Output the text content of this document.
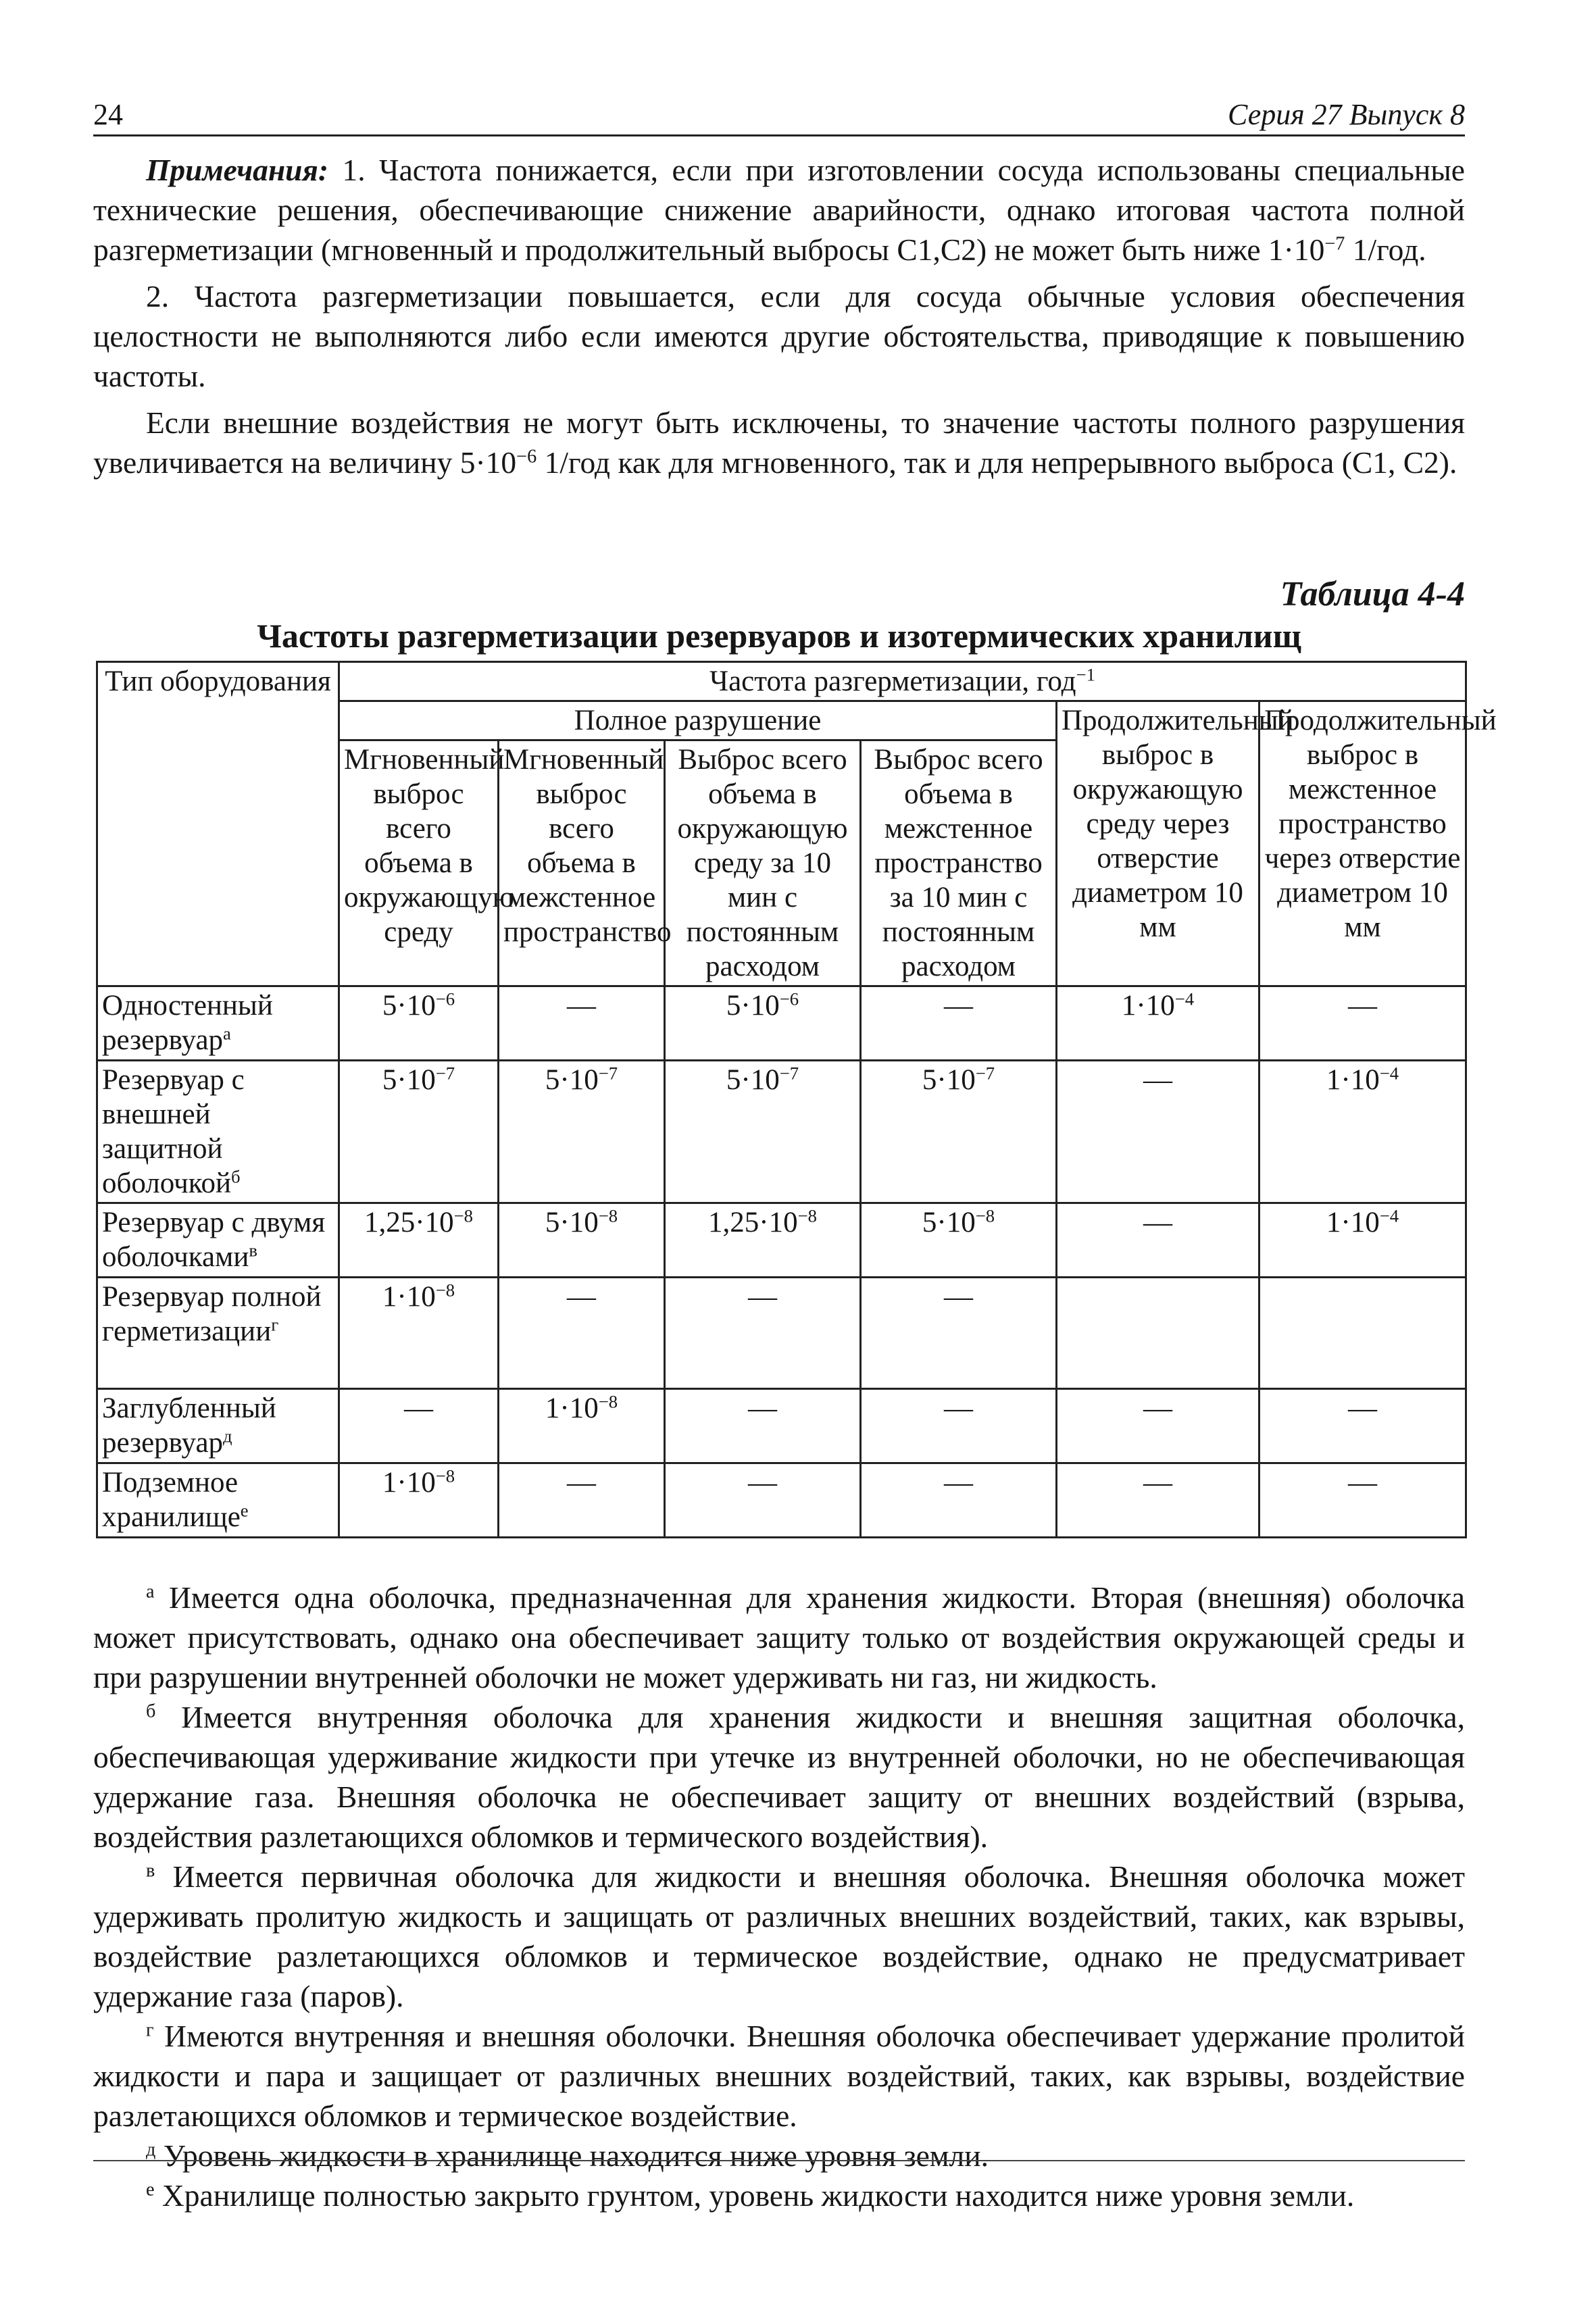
24	Серия 27 Выпуск 8

Примечания: 1. Частота понижается, если при изготовлении сосуда использованы специальные технические решения, обеспечивающие снижение аварийности, однако итоговая частота полной разгерметизации (мгновенный и продолжительный выбросы С1,С2) не может быть ниже $1\cdot 10^{-7}$ 1/год.

2. Частота разгерметизации повышается, если для сосуда обычные условия обеспечения целостности не выполняются либо если имеются другие обстоятельства, приводящие к повышению частоты.

Если внешние воздействия не могут быть исключены, то значение частоты полного разрушения увеличивается на величину $5\cdot 10^{-6}$ 1/год как для мгновенного, так и для непрерывного выброса (С1, С2).

Таблица 4-4
Частоты разгерметизации резервуаров и изотермических хранилищ
Тип оборудования	Частота разгерметизации, год$^{-1}$
	Полное разрушение				Продолжительный выброс в окружающую среду через отверстие диаметром 10 мм	Продолжительный выброс в межстенное пространство через отверстие диаметром 10 мм
	Мгновенный выброс всего объема в окружающую среду	Мгновенный выброс всего объема в межстенное пространство	Выброс всего объема в окружающую среду за 10 мин с постоянным расходом	Выброс всего объема в межстенное пространство за 10 мин с постоянным расходом		
Одностенный резервуар$^а$	$5\cdot 10^{-6}$	—	$5\cdot 10^{-6}$	—	$1\cdot 10^{-4}$	—
Резервуар с внешней защитной оболочкой$^б$	$5\cdot 10^{-7}$	$5\cdot 10^{-7}$	$5\cdot 10^{-7}$	$5\cdot 10^{-7}$	—	$1\cdot 10^{-4}$
Резервуар с двумя оболочками$^в$	$1,25\cdot 10^{-8}$	$5\cdot 10^{-8}$	$1,25\cdot 10^{-8}$	$5\cdot 10^{-8}$	—	$1\cdot 10^{-4}$
Резервуар полной герметизации$^г$	$1\cdot 10^{-8}$	—	—	—		
Заглубленный резервуар$^д$	—	$1\cdot 10^{-8}$	—	—	—	—
Подземное хранилище$^е$	$1\cdot 10^{-8}$	—	—	—	—	—

$^а$ Имеется одна оболочка, предназначенная для хранения жидкости. Вторая (внешняя) оболочка может присутствовать, однако она обеспечивает защиту только от воздействия окружающей среды и при разрушении внутренней оболочки не может удерживать ни газ, ни жидкость.

$^б$ Имеется внутренняя оболочка для хранения жидкости и внешняя защитная оболочка, обеспечивающая удерживание жидкости при утечке из внутренней оболочки, но не обеспечивающая удержание газа. Внешняя оболочка не обеспечивает защиту от внешних воздействий (взрыва, воздействия разлетающихся обломков и термического воздействия).

$^в$ Имеется первичная оболочка для жидкости и внешняя оболочка. Внешняя оболочка может удерживать пролитую жидкость и защищать от различных внешних воздействий, таких, как взрывы, воздействие разлетающихся обломков и термическое воздействие, однако не предусматривает удержание газа (паров).

$^г$ Имеются внутренняя и внешняя оболочки. Внешняя оболочка обеспечивает удержание пролитой жидкости и пара и защищает от различных внешних воздействий, таких, как взрывы, воздействие разлетающихся обломков и термическое воздействие.

$^д$ Уровень жидкости в хранилище находится ниже уровня земли.

$^е$ Хранилище полностью закрыто грунтом, уровень жидкости находится ниже уровня земли.
